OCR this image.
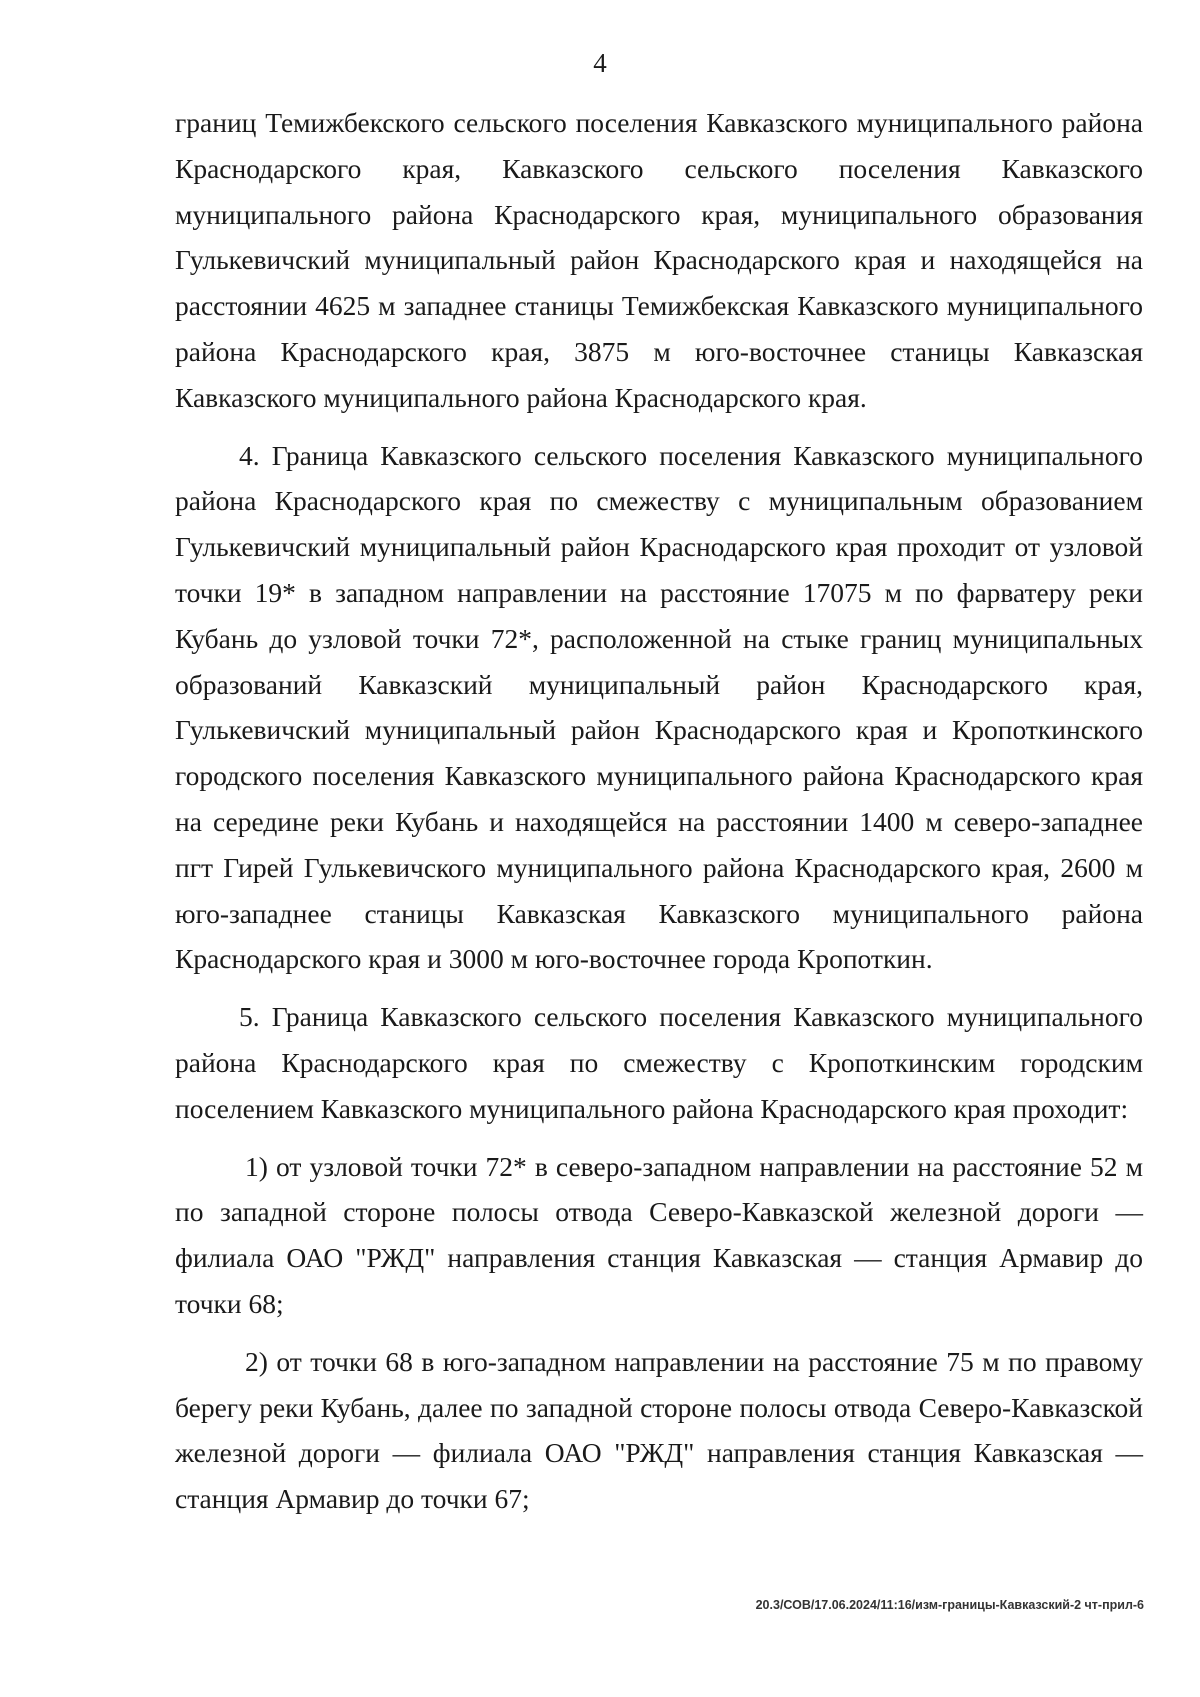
4

границ Темижбекского сельского поселения Кавказского муниципального района Краснодарского края, Кавказского сельского поселения Кавказского муниципального района Краснодарского края, муниципального образования Гулькевичский муниципальный район Краснодарского края и находящейся на расстоянии 4625 м западнее станицы Темижбекская Кавказского муниципального района Краснодарского края, 3875 м юго-восточнее станицы Кавказская Кавказского муниципального района Краснодарского края.

4. Граница Кавказского сельского поселения Кавказского муниципального района Краснодарского края по смежеству с муниципальным образованием Гулькевичский муниципальный район Краснодарского края проходит от узловой точки 19* в западном направлении на расстояние 17075 м по фарватеру реки Кубань до узловой точки 72*, расположенной на стыке границ муниципальных образований Кавказский муниципальный район Краснодарского края, Гулькевичский муниципальный район Краснодарского края и Кропоткинского городского поселения Кавказского муниципального района Краснодарского края на середине реки Кубань и находящейся на расстоянии 1400 м северо-западнее пгт Гирей Гулькевичского муниципального района Краснодарского края, 2600 м юго-западнее станицы Кавказская Кавказского муниципального района Краснодарского края и 3000 м юго-восточнее города Кропоткин.

5. Граница Кавказского сельского поселения Кавказского муниципального района Краснодарского края по смежеству с Кропоткинским городским поселением Кавказского муниципального района Краснодарского края проходит:

1) от узловой точки 72* в северо-западном направлении на расстояние 52 м по западной стороне полосы отвода Северо-Кавказской железной дороги — филиала ОАО "РЖД" направления станция Кавказская — станция Армавир до точки 68;

2) от точки 68 в юго-западном направлении на расстояние 75 м по правому берегу реки Кубань, далее по западной стороне полосы отвода Северо-Кавказской железной дороги — филиала ОАО "РЖД" направления станция Кавказская — станция Армавир до точки 67;

20.3/СОВ/17.06.2024/11:16/изм-границы-Кавказский-2 чт-прил-6
